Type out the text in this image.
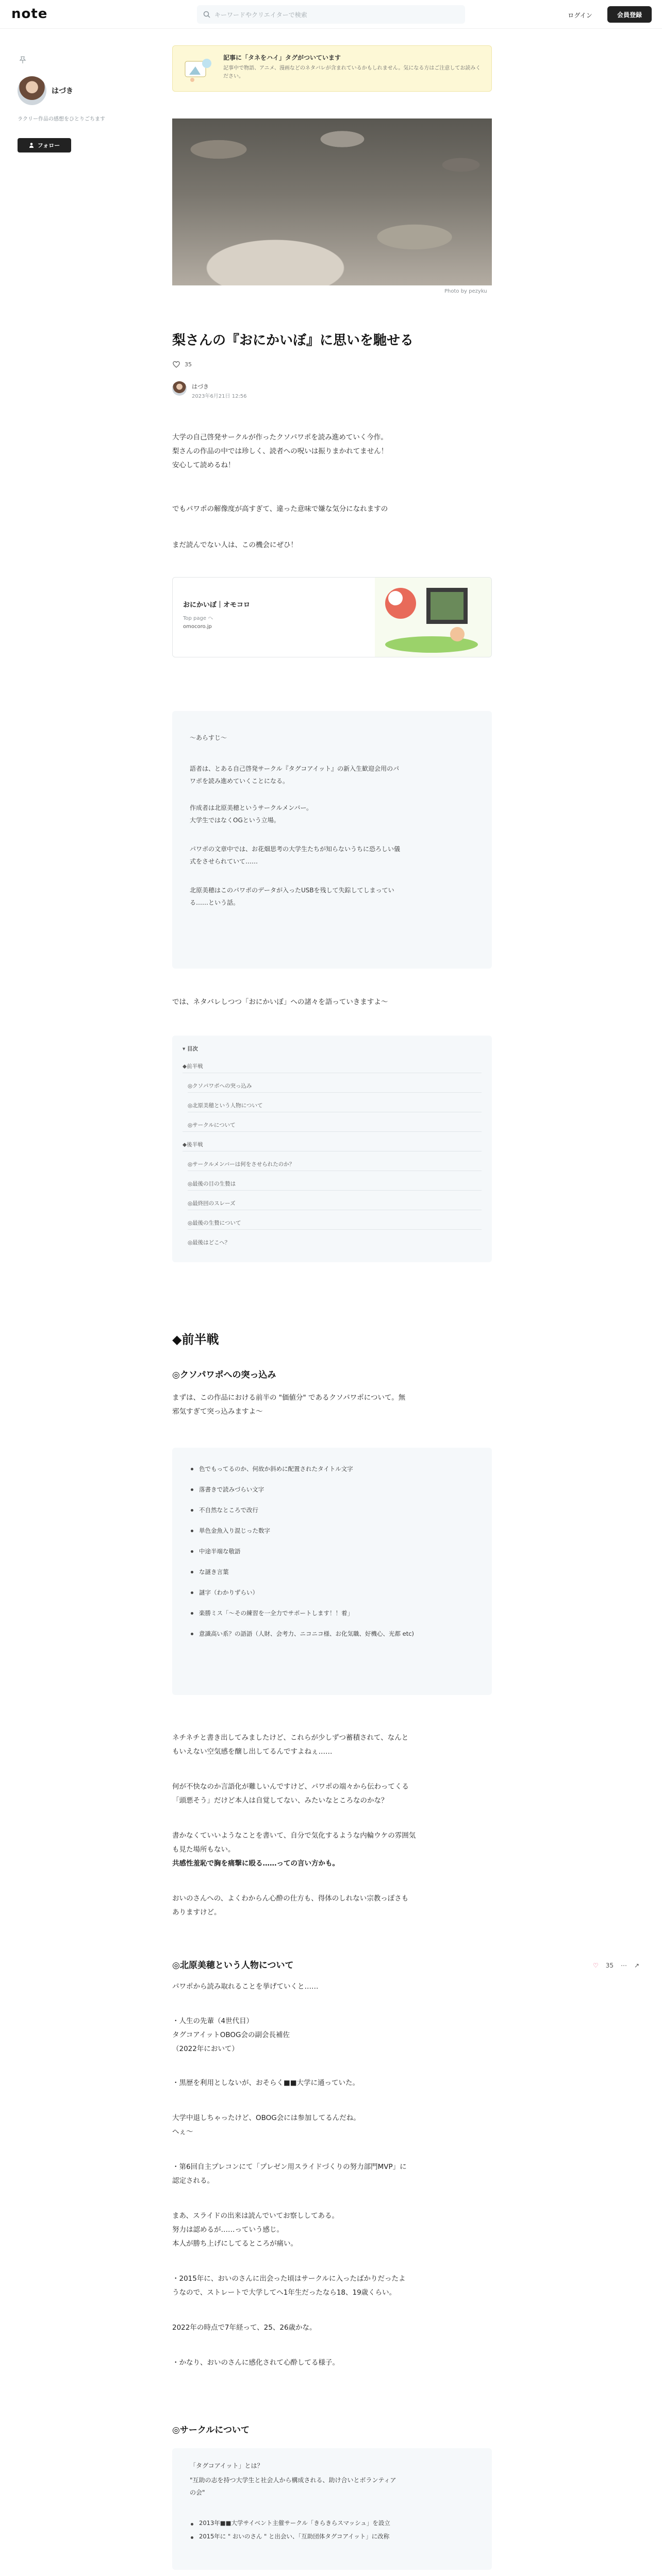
note	キーワードやクリエイターで検索	ログイン	会員登録
はづき
ラクリー作品の感想をひとりごちます
フォロー
記事に「タネをハイ」タグがついています
記事中で物語、アニメ、漫画などのネタバレが含まれているかもしれません。気になる方はご注意してお読みください。
Photo by pezyku
梨さんの『おにかいぼ』に思いを馳せる
35
はづき
2023年6月21日 12:56
大学の自己啓発サークルが作ったクソパワポを読み進めていく今作。
梨さんの作品の中では珍しく、読者への呪いは振りまかれてません！
安心して読めるね！
でもパワポの解像度が高すぎて、違った意味で嫌な気分になれますの
まだ読んでない人は、この機会にぜひ！
おにかいぼ｜オモコロ
Top page へ
omocoro.jp
〜あらすじ〜
語者は、とある自己啓発サークル『タグコアイット』の新入生歓迎会用のパ
ワポを読み進めていくことになる。
作成者は北原美穂というサークルメンバー。
大学生ではなくOGという立場。
パワポの文章中では、お花畑思考の大学生たちが知らないうちに恐ろしい儀
式をさせられていて……
北原美穂はこのパワポのデータが入ったUSBを残して失踪してしまってい
る……という話。
では、ネタバレしつつ「おにかいぼ」への諸々を語っていきますよ〜
▾ 目次
◆前半戦
◎クソパワポへの突っ込み
◎北原美穂という人物について
◎サークルについて
◆後半戦
◎サークルメンバーは何をさせられたのか？
◎最後の目の生贄は
◎最終回のスレーズ
◎最後の生贄について
◎最後はどこへ？
◆前半戦
◎クソパワポへの突っ込み
まずは、この作品における前半の "価値分" であるクソパワポについて。無
邪気すぎて突っ込みますよ〜
色でもってるのか、何故か斜めに配置されたタイトル文字
落書きで読みづらい文字
不自然なところで改行
単色金魚入り混じった数字
中途半端な敬語
な謎き言葉
謎字（わかりずらい）
楽勝ミス「〜その練習を一全力でサポートします！！着」
意識高い系？の語語（人財、会考力、ニコニコ様、お化気職、好機心、光都 etc)
ネチネチと書き出してみましたけど、これらが少しずつ蓄積されて、なんと
もいえない空気感を醸し出してるんですよねぇ……
何が不快なのか言語化が難しいんですけど、パワポの端々から伝わってくる
「頭悪そう」だけど本人は自覚してない、みたいなところなのかな？
書かなくていいようなことを書いて、自分で気化するような内輪ウケの雰囲気
も見た場所もない。
共感性羞恥で胸を痛撃に殴る……っての言い方かも。
おいのさんへの、よくわからん心酔の仕方も、得体のしれない宗教っぽさも
ありますけど。
♡ 35 ⋯ ↗
◎北原美穂という人物について
パワポから読み取れることを挙げていくと……
・人生の先輩（4世代目）
タグコアイットOBOG会の副会長補佐
（2022年において）
・黒歴を利用としないが、おそらく■■大学に通っていた。
大学中退しちゃったけど、OBOG会には参加してるんだね。
へぇ〜
・第6回自主プレコンにて「プレゼン用スライドづくりの努力部門MVP」に
認定される。
まあ、スライドの出来は読んでいてお察ししてある。
努力は認めるが……っていう感じ。
本人が勝ち上げにしてるところが痛い。
・2015年に、おいのさんに出会った頃はサークルに入ったばかりだったよ
うなので、ストレートで大学してへ1年生だったなら18、19歳くらい。
2022年の時点で7年経って、25、26歳かな。
・かなり、おいのさんに感化されて心酔してる様子。
◎サークルについて
「タグコアイット」とは？
"互助の志を持つ大学生と社会人から構成される、助け合いとボランティア
の会"
2013年■■大学サイベント主催サークル「きらきらスマッシュ」を設立
2015年に " おいのさん " と出会い、「互助団体タグコアイット」に改称
